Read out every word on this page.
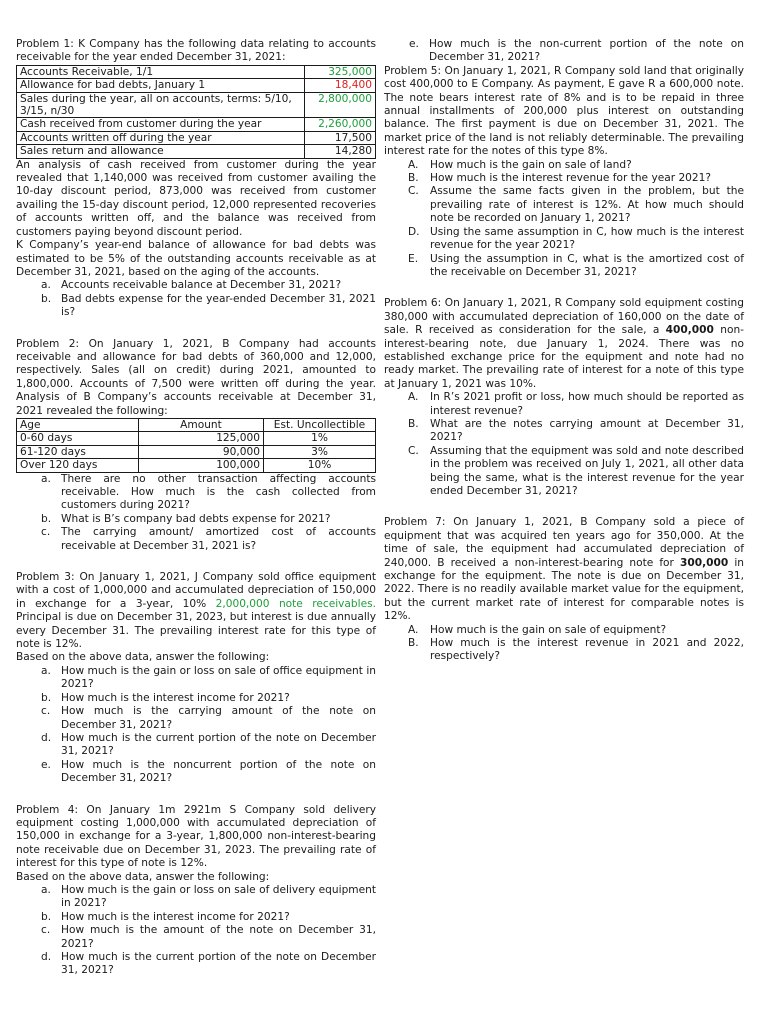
Problem 1: K Company has the following data relating to accounts receivable for the year ended December 31, 2021:

Accounts Receivable, 1/1	325,000
Allowance for bad debts, January 1	18,400
Sales during the year, all on accounts, terms: 5/10, 3/15, n/30	2,800,000
Cash received from customer during the year	2,260,000
Accounts written off during the year	17,500
Sales return and allowance	14,280

An analysis of cash received from customer during the year revealed that 1,140,000 was received from customer availing the 10-day discount period, 873,000 was received from customer availing the 15-day discount period, 12,000 represented recoveries of accounts written off, and the balance was received from customers paying beyond discount period.

K Company’s year-end balance of allowance for bad debts was estimated to be 5% of the outstanding accounts receivable as at December 31, 2021, based on the aging of the accounts.

a. Accounts receivable balance at December 31, 2021?
b. Bad debts expense for the year-ended December 31, 2021 is?

Problem 2: On January 1, 2021, B Company had accounts receivable and allowance for bad debts of 360,000 and 12,000, respectively. Sales (all on credit) during 2021, amounted to 1,800,000. Accounts of 7,500 were written off during the year. Analysis of B Company’s accounts receivable at December 31, 2021 revealed the following:

Age	Amount	Est. Uncollectible
0-60 days	125,000	1%
61-120 days	90,000	3%
Over 120 days	100,000	10%
a. There are no other transaction affecting accounts receivable. How much is the cash collected from customers during 2021?
b. What is B’s company bad debts expense for 2021?
c. The carrying amount/ amortized cost of accounts receivable at December 31, 2021 is?

Problem 3: On January 1, 2021, J Company sold office equipment with a cost of 1,000,000 and accumulated depreciation of 150,000 in exchange for a 3-year, 10% 2,000,000 note receivables. Principal is due on December 31, 2023, but interest is due annually every December 31. The prevailing interest rate for this type of note is 12%.

Based on the above data, answer the following:

a. How much is the gain or loss on sale of office equipment in 2021?
b. How much is the interest income for 2021?
c. How much is the carrying amount of the note on December 31, 2021?
d. How much is the current portion of the note on December 31, 2021?
e. How much is the noncurrent portion of the note on December 31, 2021?

Problem 4: On January 1m 2921m S Company sold delivery equipment costing 1,000,000 with accumulated depreciation of 150,000 in exchange for a 3-year, 1,800,000 non-interest-bearing note receivable due on December 31, 2023. The prevailing rate of interest for this type of note is 12%.

Based on the above data, answer the following:

a. How much is the gain or loss on sale of delivery equipment in 2021?
b. How much is the interest income for 2021?
c. How much is the amount of the note on December 31, 2021?
d. How much is the current portion of the note on December 31, 2021?
e. How much is the non-current portion of the note on December 31, 2021?

Problem 5: On January 1, 2021, R Company sold land that originally cost 400,000 to E Company. As payment, E gave R a 600,000 note. The note bears interest rate of 8% and is to be repaid in three annual installments of 200,000 plus interest on outstanding balance. The first payment is due on December 31, 2021. The market price of the land is not reliably determinable. The prevailing interest rate for the notes of this type 8%.

A. How much is the gain on sale of land?
B. How much is the interest revenue for the year 2021?
C. Assume the same facts given in the problem, but the prevailing rate of interest is 12%. At how much should note be recorded on January 1, 2021?
D. Using the same assumption in C, how much is the interest revenue for the year 2021?
E. Using the assumption in C, what is the amortized cost of the receivable on December 31, 2021?

Problem 6: On January 1, 2021, R Company sold equipment costing 380,000 with accumulated depreciation of 160,000 on the date of sale. R received as consideration for the sale, a 400,000 non-interest-bearing note, due January 1, 2024. There was no established exchange price for the equipment and note had no ready market. The prevailing rate of interest for a note of this type at January 1, 2021 was 10%.

A. In R’s 2021 profit or loss, how much should be reported as interest revenue?
B. What are the notes carrying amount at December 31, 2021?
C. Assuming that the equipment was sold and note described in the problem was received on July 1, 2021, all other data being the same, what is the interest revenue for the year ended December 31, 2021?

Problem 7: On January 1, 2021, B Company sold a piece of equipment that was acquired ten years ago for 350,000. At the time of sale, the equipment had accumulated depreciation of 240,000. B received a non-interest-bearing note for 300,000 in exchange for the equipment. The note is due on December 31, 2022. There is no readily available market value for the equipment, but the current market rate of interest for comparable notes is 12%.

A. How much is the gain on sale of equipment?
B. How much is the interest revenue in 2021 and 2022, respectively?
